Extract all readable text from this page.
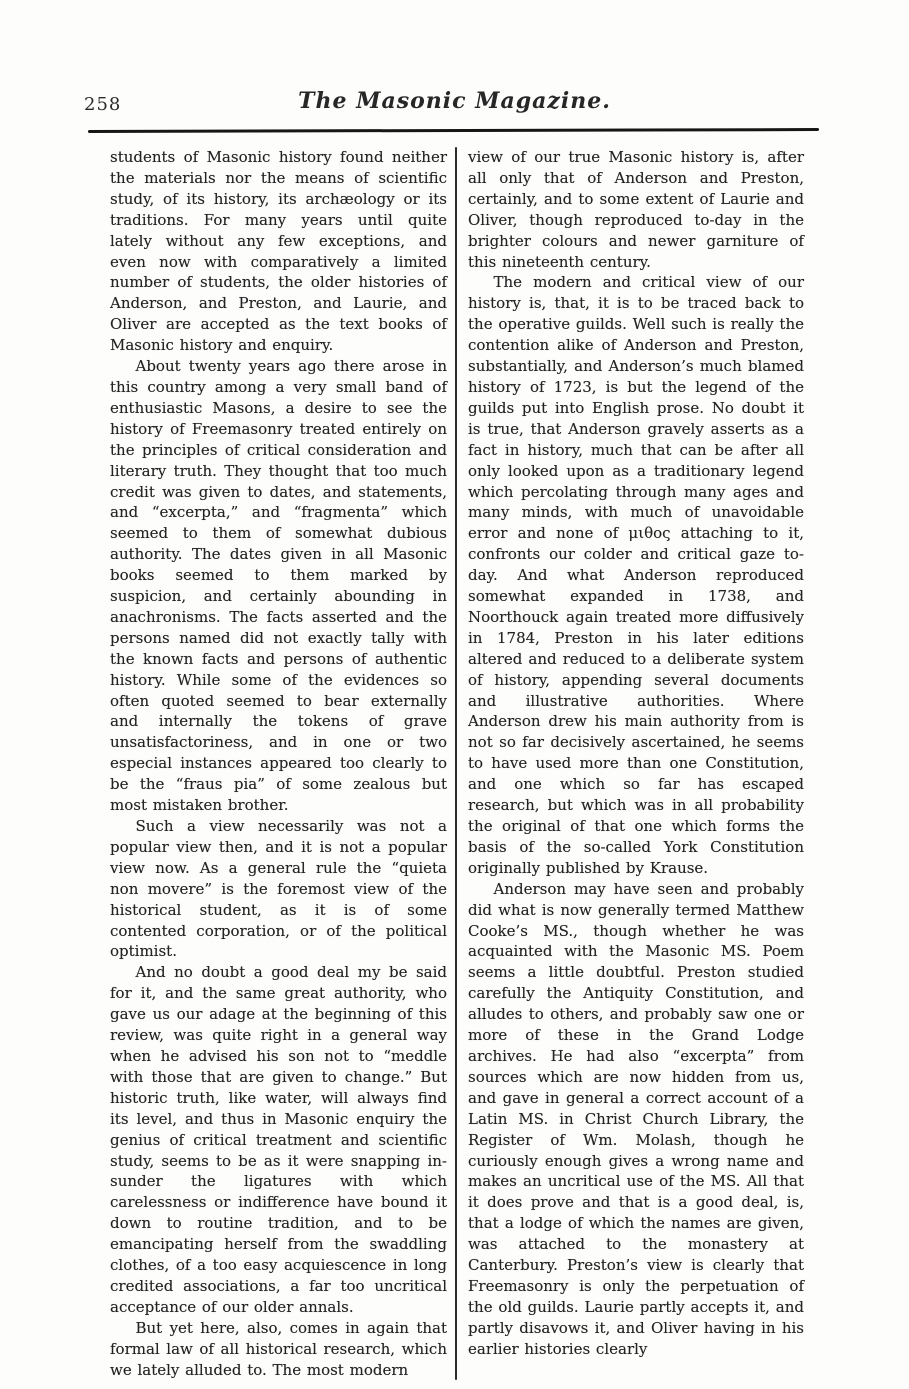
258	The Masonic Magazine.

students of Masonic history found neither the materials nor the means of scientific study, of its history, its archæology or its traditions. For many years until quite lately without any few exceptions, and even now with comparatively a limited number of students, the older histories of Anderson, and Preston, and Laurie, and Oliver are accepted as the text books of Masonic history and enquiry.

About twenty years ago there arose in this country among a very small band of enthusiastic Masons, a desire to see the history of Freemasonry treated entirely on the principles of critical consideration and literary truth. They thought that too much credit was given to dates, and statements, and “excerpta,” and “fragmenta” which seemed to them of somewhat dubious authority. The dates given in all Masonic books seemed to them marked by suspicion, and certainly abounding in anachronisms. The facts asserted and the persons named did not exactly tally with the known facts and persons of authentic history. While some of the evidences so often quoted seemed to bear externally and internally the tokens of grave unsatisfactoriness, and in one or two especial instances appeared too clearly to be the “fraus pia” of some zealous but most mistaken brother.

Such a view necessarily was not a popular view then, and it is not a popular view now. As a general rule the “quieta non movere” is the foremost view of the historical student, as it is of some contented corporation, or of the political optimist.

And no doubt a good deal my be said for it, and the same great authority, who gave us our adage at the beginning of this review, was quite right in a general way when he advised his son not to “meddle with those that are given to change.” But historic truth, like water, will always find its level, and thus in Masonic enquiry the genius of critical treatment and scientific study, seems to be as it were snapping in-sunder the ligatures with which carelessness or indifference have bound it down to routine tradition, and to be emancipating herself from the swaddling clothes, of a too easy acquiescence in long credited associations, a far too uncritical acceptance of our older annals.

But yet here, also, comes in again that formal law of all historical research, which we lately alluded to. The most modern

view of our true Masonic history is, after all only that of Anderson and Preston, certainly, and to some extent of Laurie and Oliver, though reproduced to-day in the brighter colours and newer garniture of this nineteenth century.

The modern and critical view of our history is, that, it is to be traced back to the operative guilds. Well such is really the contention alike of Anderson and Preston, substantially, and Anderson’s much blamed history of 1723, is but the legend of the guilds put into English prose. No doubt it is true, that Anderson gravely asserts as a fact in history, much that can be after all only looked upon as a traditionary legend which percolating through many ages and many minds, with much of unavoidable error and none of μιθος attaching to it, confronts our colder and critical gaze to-day. And what Anderson reproduced somewhat expanded in 1738, and Noorthouck again treated more diffusively in 1784, Preston in his later editions altered and reduced to a deliberate system of history, appending several documents and illustrative authorities. Where Anderson drew his main authority from is not so far decisively ascertained, he seems to have used more than one Constitution, and one which so far has escaped research, but which was in all probability the original of that one which forms the basis of the so-called York Constitution originally published by Krause.

Anderson may have seen and probably did what is now generally termed Matthew Cooke’s MS., though whether he was acquainted with the Masonic MS. Poem seems a little doubtful. Preston studied carefully the Antiquity Constitution, and alludes to others, and probably saw one or more of these in the Grand Lodge archives. He had also “excerpta” from sources which are now hidden from us, and gave in general a correct account of a Latin MS. in Christ Church Library, the Register of Wm. Molash, though he curiously enough gives a wrong name and makes an uncritical use of the MS. All that it does prove and that is a good deal, is, that a lodge of which the names are given, was attached to the monastery at Canterbury. Preston’s view is clearly that Freemasonry is only the perpetuation of the old guilds. Laurie partly accepts it, and partly disavows it, and Oliver having in his earlier histories clearly
